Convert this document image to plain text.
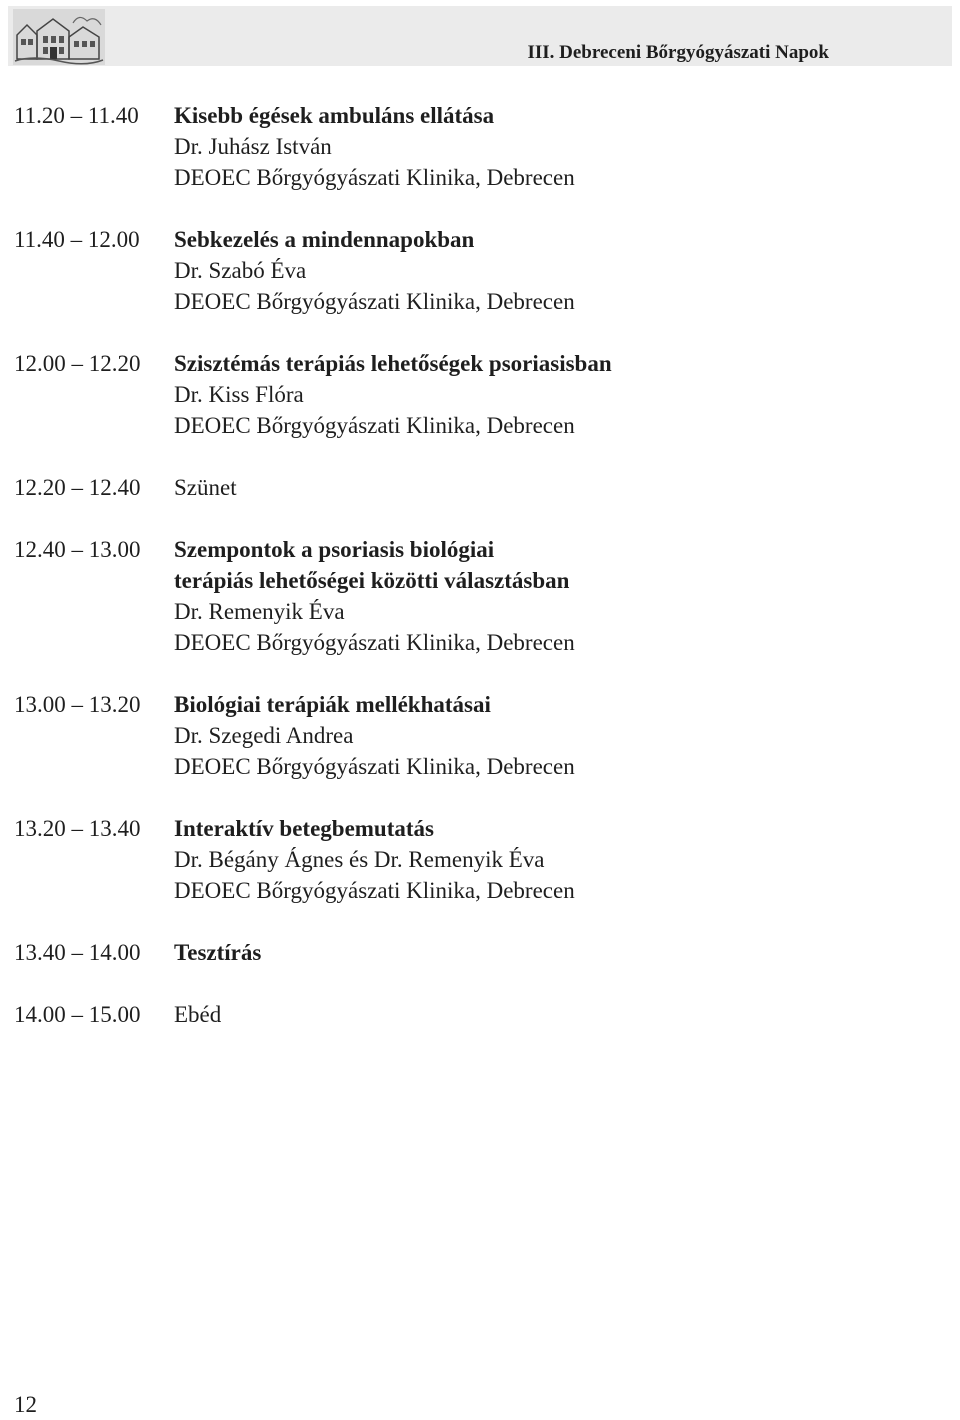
III. Debreceni Bőrgyógyászati Napok
11.20 – 11.40	Kisebb égések ambuláns ellátása
Dr. Juhász István
DEOEC Bőrgyógyászati Klinika, Debrecen
11.40 – 12.00	Sebkezelés a mindennapokban
Dr. Szabó Éva
DEOEC Bőrgyógyászati Klinika, Debrecen
12.00 – 12.20	Szisztémás terápiás lehetőségek psoriasisban
Dr. Kiss Flóra
DEOEC Bőrgyógyászati Klinika, Debrecen
12.20 – 12.40	Szünet
12.40 – 13.00	Szempontok a psoriasis biológiai
terápiás lehetőségei közötti választásban
Dr. Remenyik Éva
DEOEC Bőrgyógyászati Klinika, Debrecen
13.00 – 13.20	Biológiai terápiák mellékhatásai
Dr. Szegedi Andrea
DEOEC Bőrgyógyászati Klinika, Debrecen
13.20 – 13.40	Interaktív betegbemutatás
Dr. Bégány Ágnes és Dr. Remenyik Éva
DEOEC Bőrgyógyászati Klinika, Debrecen
13.40 – 14.00	Tesztírás
14.00 – 15.00	Ebéd
12
